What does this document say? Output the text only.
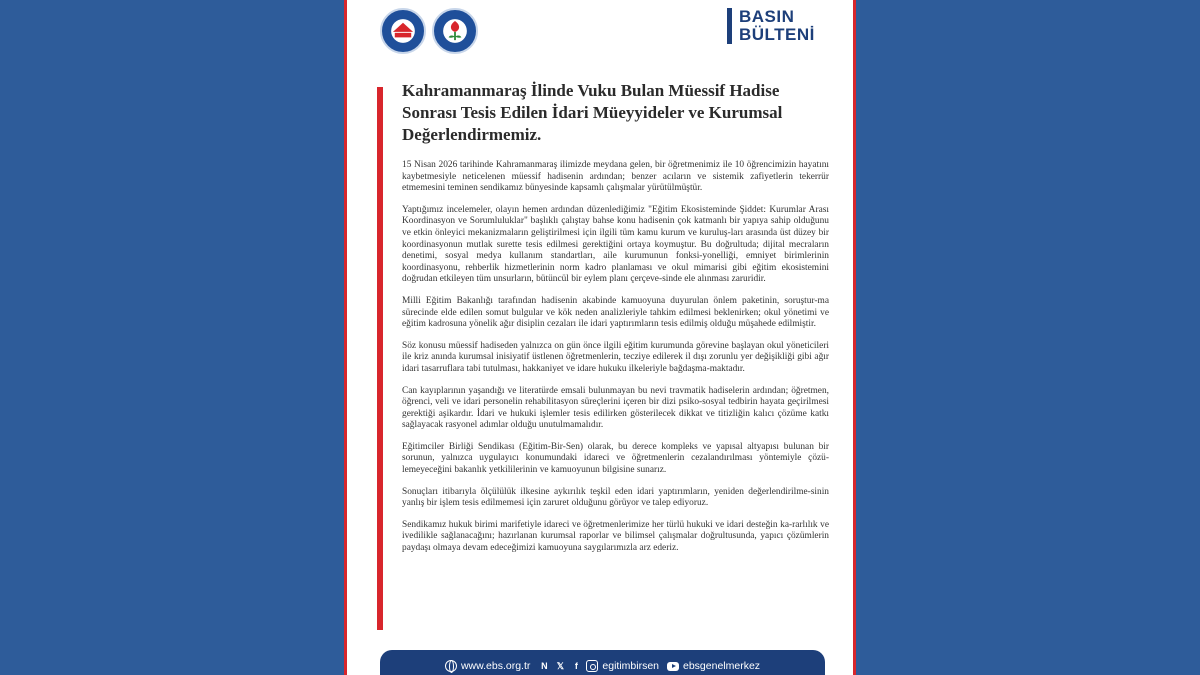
BASIN
BÜLTENİ
Kahramanmaraş İlinde Vuku Bulan Müessif Hadise Sonrası Tesis Edilen İdari Müeyyideler ve Kurumsal Değerlendirmemiz.

15 Nisan 2026 tarihinde Kahramanmaraş ilimizde meydana gelen, bir öğretmenimiz ile 10 öğrencimizin hayatını kaybetmesiyle neticelenen müessif hadisenin ardından; benzer acıların ve sistemik zafiyetlerin tekerrür etmemesini teminen sendikamız bünyesinde kapsamlı çalışmalar yürütülmüştür.

Yaptığımız incelemeler, olayın hemen ardından düzenlediğimiz "Eğitim Ekosisteminde Şiddet: Kurumlar Arası Koordinasyon ve Sorumluluklar" başlıklı çalıştay bahse konu hadisenin çok katmanlı bir yapıya sahip olduğunu ve etkin önleyici mekanizmaların geliştirilmesi için ilgili tüm kamu kurum ve kuruluş-ları arasında üst düzey bir koordinasyonun mutlak surette tesis edilmesi gerektiğini ortaya koymuştur. Bu doğrultuda; dijital mecraların denetimi, sosyal medya kullanım standartları, aile kurumunun fonksi-yonelliği, emniyet birimlerinin koordinasyonu, rehberlik hizmetlerinin norm kadro planlaması ve okul mimarisi gibi eğitim ekosistemini doğrudan etkileyen tüm unsurların, bütüncül bir eylem planı çerçeve-sinde ele alınması zaruridir.

Milli Eğitim Bakanlığı tarafından hadisenin akabinde kamuoyuna duyurulan önlem paketinin, soruştur-ma sürecinde elde edilen somut bulgular ve kök neden analizleriyle tahkim edilmesi beklenirken; okul yönetimi ve eğitim kadrosuna yönelik ağır disiplin cezaları ile idari yaptırımların tesis edilmiş olduğu müşahede edilmiştir.

Söz konusu müessif hadiseden yalnızca on gün önce ilgili eğitim kurumunda görevine başlayan okul yöneticileri ile kriz anında kurumsal inisiyatif üstlenen öğretmenlerin, tecziye edilerek il dışı zorunlu yer değişikliği gibi ağır idari tasarruflara tabi tutulması, hakkaniyet ve idare hukuku ilkeleriyle bağdaşma-maktadır.

Can kayıplarının yaşandığı ve literatürde emsali bulunmayan bu nevi travmatik hadiselerin ardından; öğretmen, öğrenci, veli ve idari personelin rehabilitasyon süreçlerini içeren bir dizi psiko-sosyal tedbirin hayata geçirilmesi gerektiği aşikardır. İdari ve hukuki işlemler tesis edilirken gösterilecek dikkat ve titizliğin kalıcı çözüme katkı sağlayacak rasyonel adımlar olduğu unutulmamalıdır.

Eğitimciler Birliği Sendikası (Eğitim-Bir-Sen) olarak, bu derece kompleks ve yapısal altyapısı bulunan bir sorunun, yalnızca uygulayıcı konumundaki idareci ve öğretmenlerin cezalandırılması yöntemiyle çözü-lemeyeceğini bakanlık yetkililerinin ve kamuoyunun bilgisine sunarız.

Sonuçları itibarıyla ölçülülük ilkesine aykırılık teşkil eden idari yaptırımların, yeniden değerlendirilme-sinin yanlış bir işlem tesis edilmemesi için zaruret olduğunu görüyor ve talep ediyoruz.

Sendikamız hukuk birimi marifetiyle idareci ve öğretmenlerimize her türlü hukuki ve idari desteğin ka-rarlılık ve ivedilikle sağlanacağını; hazırlanan kurumsal raporlar ve bilimsel çalışmalar doğrultusunda, yapıcı çözümlerin paydaşı olmaya devam edeceğimizi kamuoyuna saygılarımızla arz ederiz.

www.ebs.org.tr	N	𝕏	f	egitimbirsen ebsgenelmerkez
